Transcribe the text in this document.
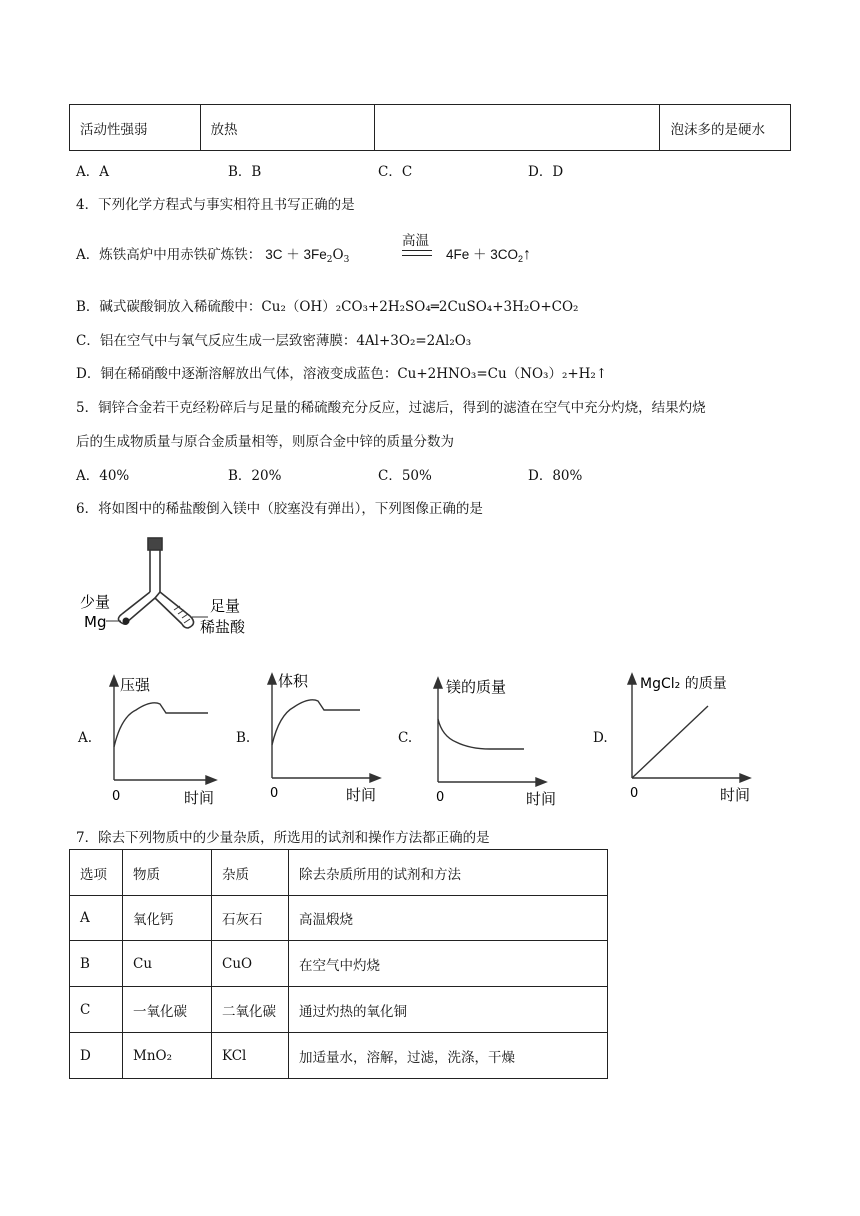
活动性强弱	放热		泡沫多的是硬水
A．A	B．B	C．C	D．D
4．下列化学方程式与事实相符且书写正确的是
A．炼铁高炉中用赤铁矿炼铁： $3C + 3Fe_2O_3$
高温
$4Fe + 3CO_2↑$
B．碱式碳酸铜放入稀硫酸中：Cu₂（OH）₂CO₃+2H₂SO₄═2CuSO₄+3H₂O+CO₂
C．铝在空气中与氧气反应生成一层致密薄膜：4Al+3O₂=2Al₂O₃
D．铜在稀硝酸中逐渐溶解放出气体，溶液变成蓝色：Cu+2HNO₃=Cu（NO₃）₂+H₂↑
5．铜锌合金若干克经粉碎后与足量的稀硫酸充分反应，过滤后，得到的滤渣在空气中充分灼烧，结果灼烧
后的生成物质量与原合金质量相等，则原合金中锌的质量分数为
A．40%	B．20%	C．50%	D．80%
6．将如图中的稀盐酸倒入镁中（胶塞没有弹出），下列图像正确的是
少量
Mg
足量
稀盐酸
A.
压强
0	时间
B.
体积
0	时间
C.
镁的质量
0	时间
D.
MgCl₂ 的质量
0	时间
7．除去下列物质中的少量杂质，所选用的试剂和操作方法都正确的是
选项	物质	杂质	除去杂质所用的试剂和方法
A	氧化钙	石灰石	高温煅烧
B	Cu	CuO	在空气中灼烧
C	一氧化碳	二氧化碳	通过灼热的氧化铜
D	MnO₂	KCl	加适量水，溶解，过滤，洗涤，干燥
